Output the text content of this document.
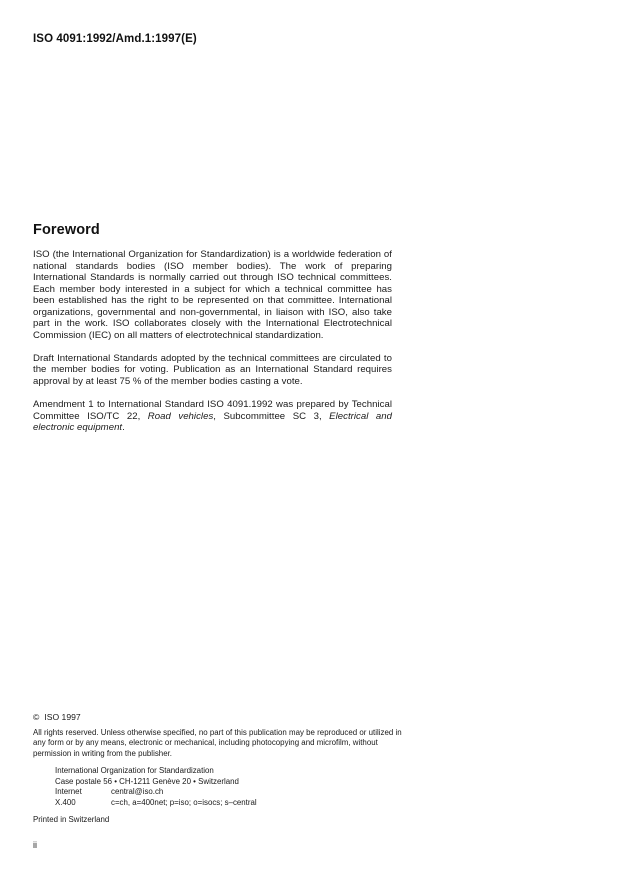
ISO 4091:1992/Amd.1:1997(E)
Foreword

ISO (the International Organization for Standardization) is a worldwide federation of national standards bodies (ISO member bodies). The work of preparing International Standards is normally carried out through ISO technical committees. Each member body interested in a subject for which a technical committee has been established has the right to be represented on that committee. International organizations, governmental and non-governmental, in liaison with ISO, also take part in the work. ISO collaborates closely with the International Electrotechnical Commission (IEC) on all matters of electrotechnical standardization.

Draft International Standards adopted by the technical committees are circulated to the member bodies for voting. Publication as an International Standard requires approval by at least 75 % of the member bodies casting a vote.

Amendment 1 to International Standard ISO 4091.1992 was prepared by Technical Committee ISO/TC 22, Road vehicles, Subcommittee SC 3, Electrical and electronic equipment.

© ISO 1997
All rights reserved. Unless otherwise specified, no part of this publication may be reproduced or utilized in any form or by any means, electronic or mechanical, including photocopying and microfilm, without permission in writing from the publisher.
International Organization for Standardization
Case postale 56 • CH-1211 Genève 20 • Switzerland
Internet	central@iso.ch
X.400	c=ch, a=400net; p=iso; o=isocs; s–central
Printed in Switzerland
ii
